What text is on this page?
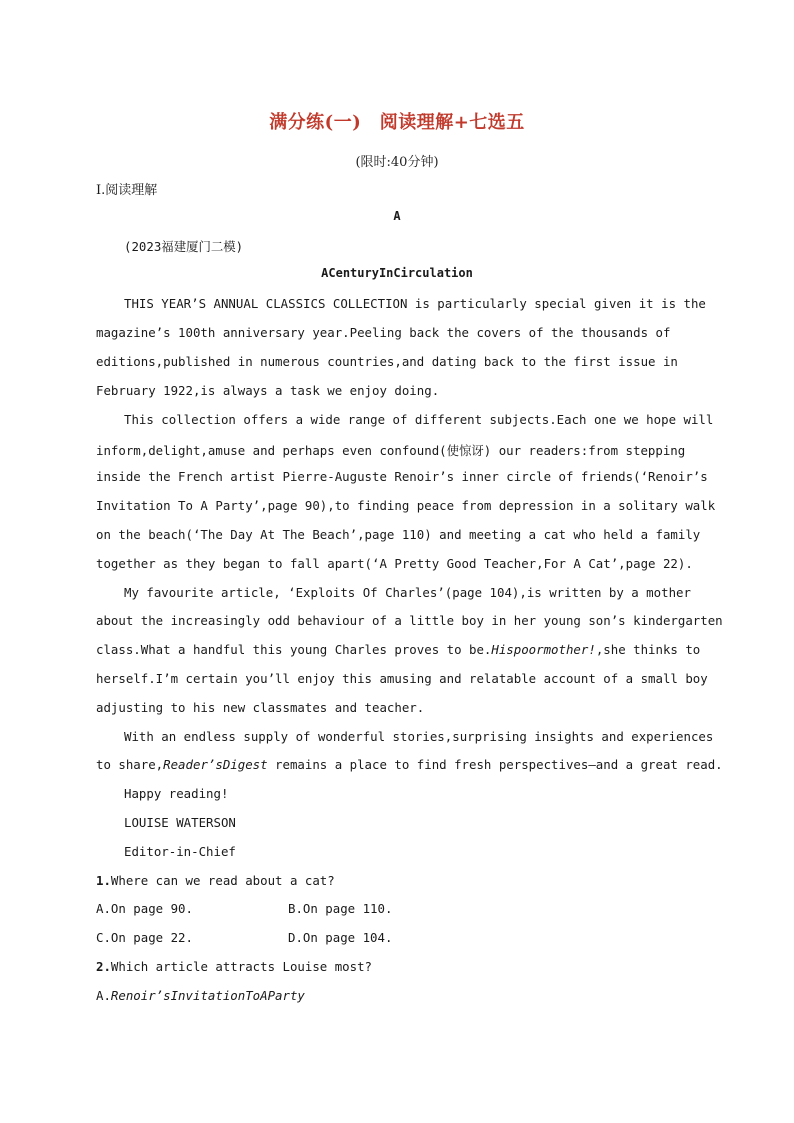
满分练(一)　阅读理解+七选五
(限时:40分钟)
Ⅰ.阅读理解
A
(2023福建厦门二模)
ACenturyInCirculation
THIS YEAR’S ANNUAL CLASSICS COLLECTION is particularly special given it is the
magazine’s 100th anniversary year.Peeling back the covers of the thousands of
editions,published in numerous countries,and dating back to the first issue in
February 1922,is always a task we enjoy doing.
This collection offers a wide range of different subjects.Each one we hope will
inform,delight,amuse and perhaps even confound(使惊讶) our readers:from stepping
inside the French artist Pierre-Auguste Renoir’s inner circle of friends(‘Renoir’s
Invitation To A Party’,page 90),to finding peace from depression in a solitary walk
on the beach(‘The Day At The Beach’,page 110) and meeting a cat who held a family
together as they began to fall apart(‘A Pretty Good Teacher,For A Cat’,page 22).
My favourite article, ‘Exploits Of Charles’(page 104),is written by a mother
about the increasingly odd behaviour of a little boy in her young son’s kindergarten
class.What a handful this young Charles proves to be.Hispoormother!,she thinks to
herself.I’m certain you’ll enjoy this amusing and relatable account of a small boy
adjusting to his new classmates and teacher.
With an endless supply of wonderful stories,surprising insights and experiences
to share,Reader’sDigest remains a place to find fresh perspectives—and a great read.
Happy reading!
LOUISE WATERSON
Editor-in-Chief
1.Where can we read about a cat?
A.On page 90.	B.On page 110.
C.On page 22.	D.On page 104.
2.Which article attracts Louise most?
A.Renoir’sInvitationToAParty
